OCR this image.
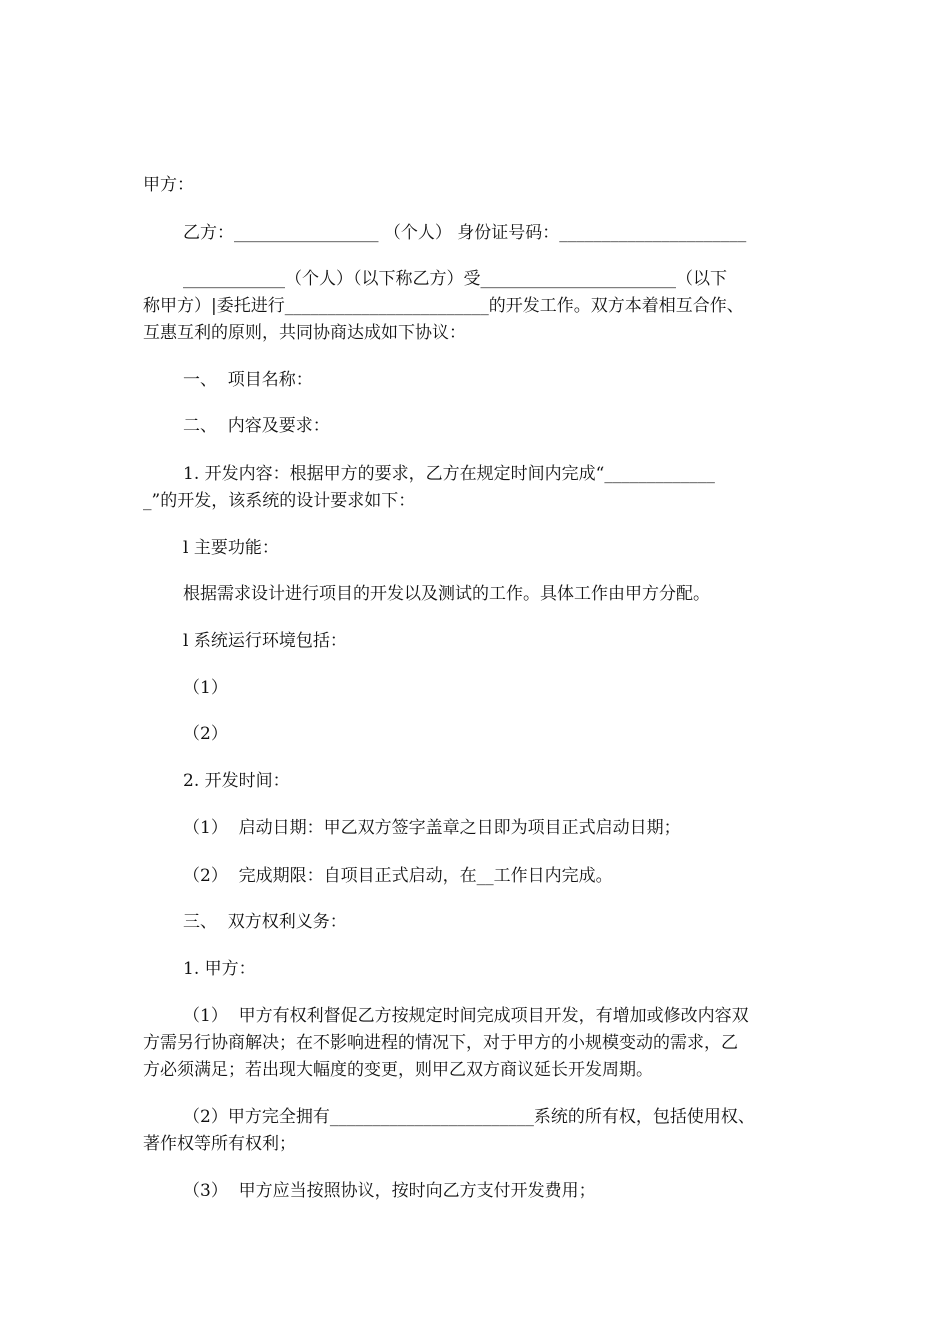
甲方：
乙方：_________________ （个人） 身份证号码：______________________
____________（个人）（以下称乙方）受_______________________（以下
称甲方）|委托进行________________________的开发工作。双方本着相互合作、
互惠互利的原则，共同协商达成如下协议：
一、  项目名称：
二、  内容及要求：
1. 开发内容：根据甲方的要求，乙方在规定时间内完成“_____________
_”的开发，该系统的设计要求如下：
l 主要功能：
根据需求设计进行项目的开发以及测试的工作。具体工作由甲方分配。
l 系统运行环境包括：
（1）
（2）
2. 开发时间：
（1）  启动日期：甲乙双方签字盖章之日即为项目正式启动日期；
（2）  完成期限：自项目正式启动，在__工作日内完成。
三、  双方权利义务：
1. 甲方：
（1）  甲方有权利督促乙方按规定时间完成项目开发，有增加或修改内容双
方需另行协商解决；在不影响进程的情况下，对于甲方的小规模变动的需求，乙
方必须满足；若出现大幅度的变更，则甲乙双方商议延长开发周期。
（2）甲方完全拥有________________________系统的所有权，包括使用权、
著作权等所有权利；
（3）  甲方应当按照协议，按时向乙方支付开发费用；
